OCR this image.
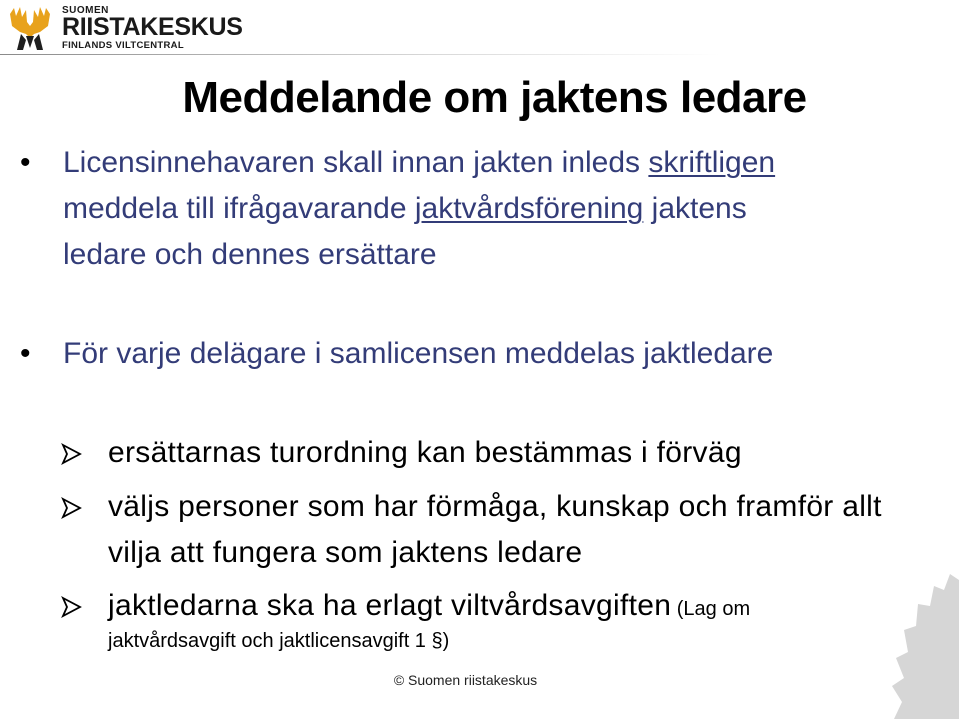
SUOMEN
RIISTAKESKUS
FINLANDS VILTCENTRAL
Meddelande om jaktens ledare
• Licensinnehavaren skall innan jakten inleds skriftligen meddela till ifrågavarande jaktvårdsförening jaktens ledare och dennes ersättare
• För varje delägare i samlicensen meddelas jaktledare
ersättarnas turordning kan bestämmas i förväg
väljs personer som har förmåga, kunskap och framför allt vilja att fungera som jaktens ledare
jaktledarna ska ha erlagt viltvårdsavgiften (Lag om
jaktvårdsavgift och jaktlicensavgift 1 §)
© Suomen riistakeskus
